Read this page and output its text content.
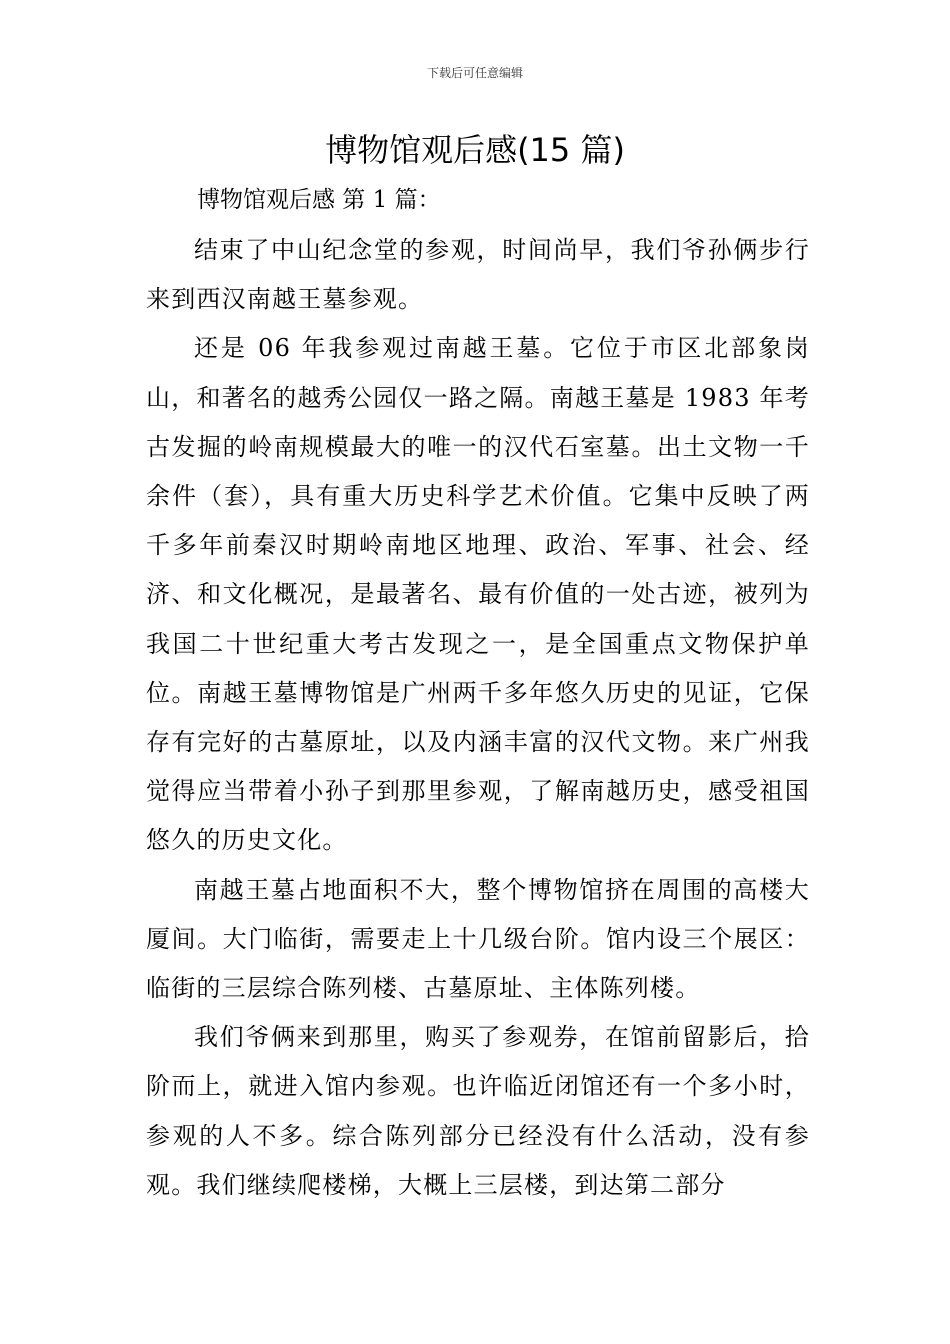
下载后可任意编辑
博物馆观后感(15 篇)
博物馆观后感 第 1 篇：

结束了中山纪念堂的参观，时间尚早，我们爷孙俩步行来到西汉南越王墓参观。

还是 06 年我参观过南越王墓。它位于市区北部象岗山，和著名的越秀公园仅一路之隔。南越王墓是 1983 年考古发掘的岭南规模最大的唯一的汉代石室墓。出土文物一千余件（套），具有重大历史科学艺术价值。它集中反映了两千多年前秦汉时期岭南地区地理、政治、军事、社会、经济、和文化概况，是最著名、最有价值的一处古迹，被列为我国二十世纪重大考古发现之一，是全国重点文物保护单位。南越王墓博物馆是广州两千多年悠久历史的见证，它保存有完好的古墓原址，以及内涵丰富的汉代文物。来广州我觉得应当带着小孙子到那里参观，了解南越历史，感受祖国悠久的历史文化。

南越王墓占地面积不大，整个博物馆挤在周围的高楼大厦间。大门临街，需要走上十几级台阶。馆内设三个展区：临街的三层综合陈列楼、古墓原址、主体陈列楼。

我们爷俩来到那里，购买了参观券，在馆前留影后，拾阶而上，就进入馆内参观。也许临近闭馆还有一个多小时，参观的人不多。综合陈列部分已经没有什么活动，没有参观。我们继续爬楼梯，大概上三层楼，到达第二部分
